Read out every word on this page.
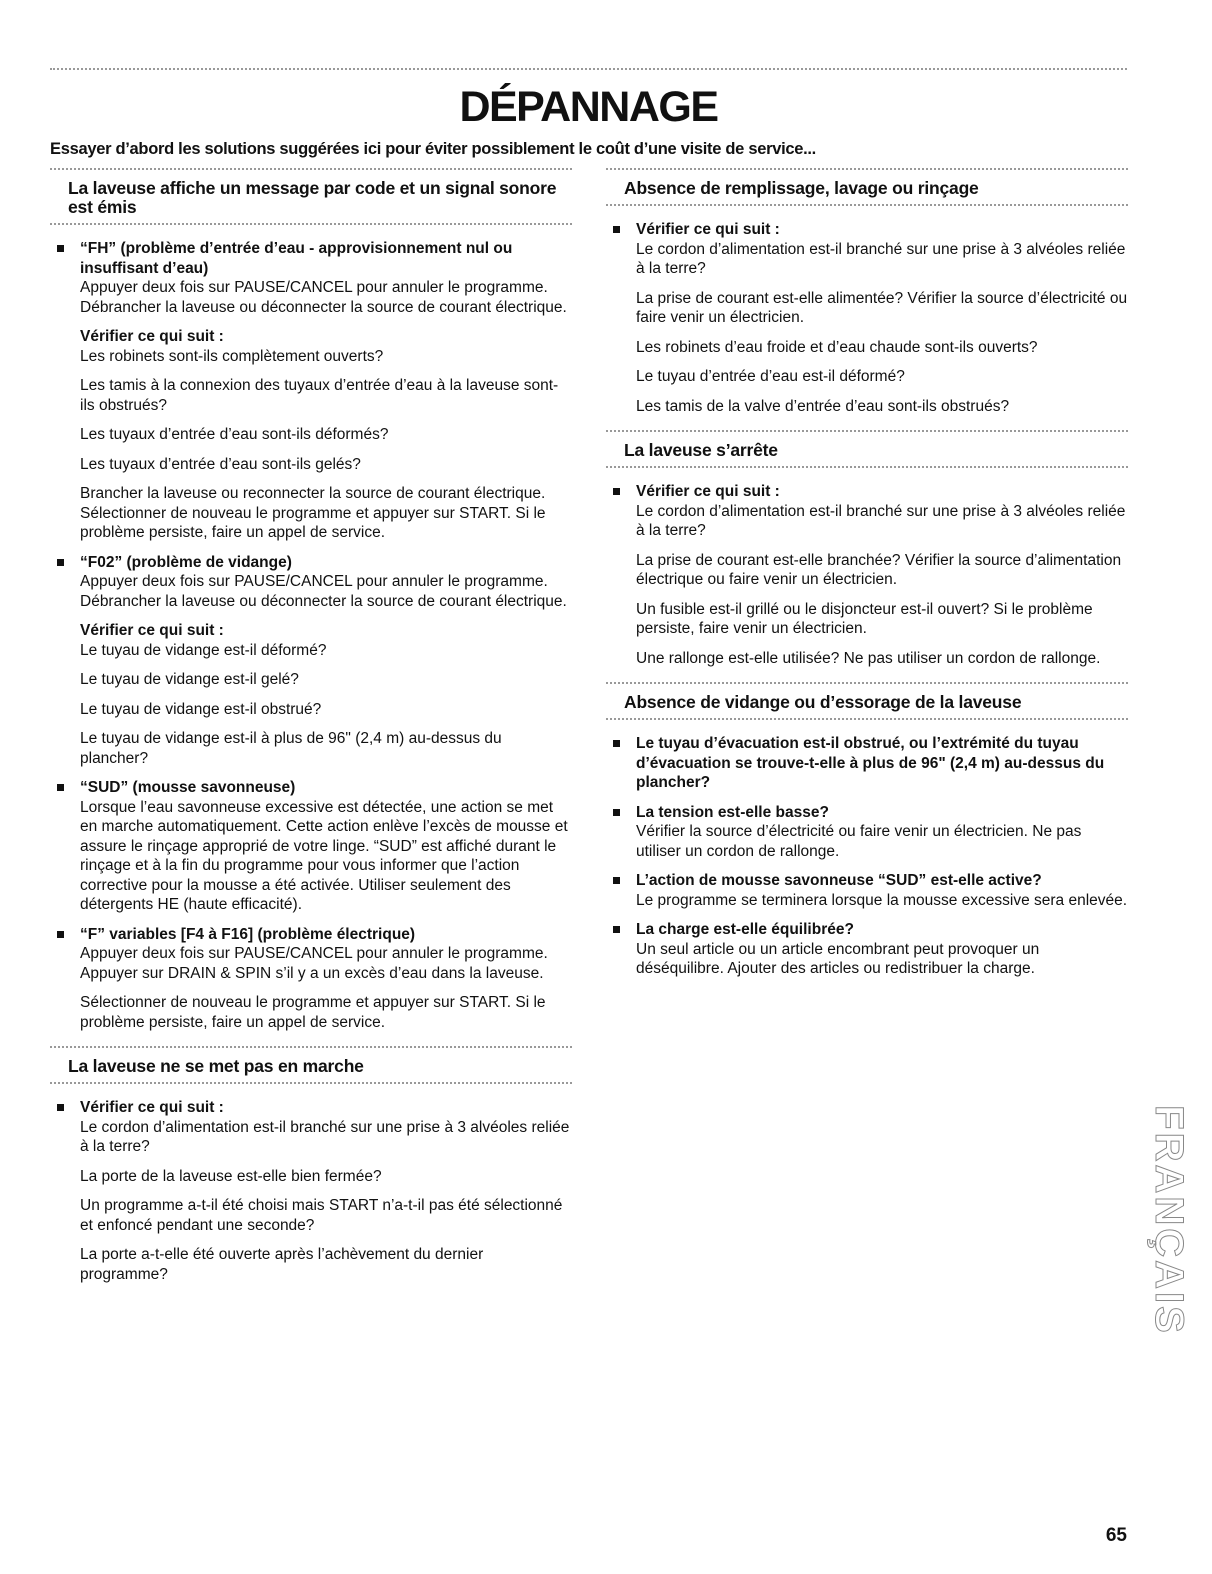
DÉPANNAGE

Essayer d’abord les solutions suggérées ici pour éviter possiblement le coût d’une visite de service...

La laveuse affiche un message par code et un signal sonore est émis
“FH” (problème d’entrée d’eau - approvisionnement nul ou insuffisant d’eau)

Appuyer deux fois sur PAUSE/CANCEL pour annuler le programme. Débrancher la laveuse ou déconnecter la source de courant électrique.

Vérifier ce qui suit :

Les robinets sont-ils complètement ouverts?

Les tamis à la connexion des tuyaux d’entrée d’eau à la laveuse sont-ils obstrués?

Les tuyaux d’entrée d’eau sont-ils déformés?

Les tuyaux d’entrée d’eau sont-ils gelés?

Brancher la laveuse ou reconnecter la source de courant électrique. Sélectionner de nouveau le programme et appuyer sur START. Si le problème persiste, faire un appel de service.

“F02” (problème de vidange)

Appuyer deux fois sur PAUSE/CANCEL pour annuler le programme. Débrancher la laveuse ou déconnecter la source de courant électrique.

Vérifier ce qui suit :

Le tuyau de vidange est-il déformé?

Le tuyau de vidange est-il gelé?

Le tuyau de vidange est-il obstrué?

Le tuyau de vidange est-il à plus de 96" (2,4 m) au-dessus du plancher?

“SUD” (mousse savonneuse)

Lorsque l’eau savonneuse excessive est détectée, une action se met en marche automatiquement. Cette action enlève l’excès de mousse et assure le rinçage approprié de votre linge. “SUD” est affiché durant le rinçage et à la fin du programme pour vous informer que l’action corrective pour la mousse a été activée. Utiliser seulement des détergents HE (haute efficacité).

“F” variables [F4 à F16] (problème électrique)

Appuyer deux fois sur PAUSE/CANCEL pour annuler le programme. Appuyer sur DRAIN & SPIN s’il y a un excès d’eau dans la laveuse.

Sélectionner de nouveau le programme et appuyer sur START. Si le problème persiste, faire un appel de service.

La laveuse ne se met pas en marche
Vérifier ce qui suit :

Le cordon d’alimentation est-il branché sur une prise à 3 alvéoles reliée à la terre?

La porte de la laveuse est-elle bien fermée?

Un programme a-t-il été choisi mais START n’a-t-il pas été sélectionné et enfoncé pendant une seconde?

La porte a-t-elle été ouverte après l’achèvement du dernier programme?

Absence de remplissage, lavage ou rinçage
Vérifier ce qui suit :

Le cordon d’alimentation est-il branché sur une prise à 3 alvéoles reliée à la terre?

La prise de courant est-elle alimentée? Vérifier la source d’électricité ou faire venir un électricien.

Les robinets d’eau froide et d’eau chaude sont-ils ouverts?

Le tuyau d’entrée d’eau est-il déformé?

Les tamis de la valve d’entrée d’eau sont-ils obstrués?

La laveuse s’arrête
Vérifier ce qui suit :

Le cordon d’alimentation est-il branché sur une prise à 3 alvéoles reliée à la terre?

La prise de courant est-elle branchée? Vérifier la source d’alimentation électrique ou faire venir un électricien.

Un fusible est-il grillé ou le disjoncteur est-il ouvert? Si le problème persiste, faire venir un électricien.

Une rallonge est-elle utilisée? Ne pas utiliser un cordon de rallonge.

Absence de vidange ou d’essorage de la laveuse
Le tuyau d’évacuation est-il obstrué, ou l’extrémité du tuyau d’évacuation se trouve-t-elle à plus de 96" (2,4 m) au-dessus du plancher?
La tension est-elle basse?

Vérifier la source d’électricité ou faire venir un électricien. Ne pas utiliser un cordon de rallonge.

L’action de mousse savonneuse “SUD” est-elle active?

Le programme se terminera lorsque la mousse excessive sera enlevée.

La charge est-elle équilibrée?

Un seul article ou un article encombrant peut provoquer un déséquilibre. Ajouter des articles ou redistribuer la charge.

FRANÇAIS
65
